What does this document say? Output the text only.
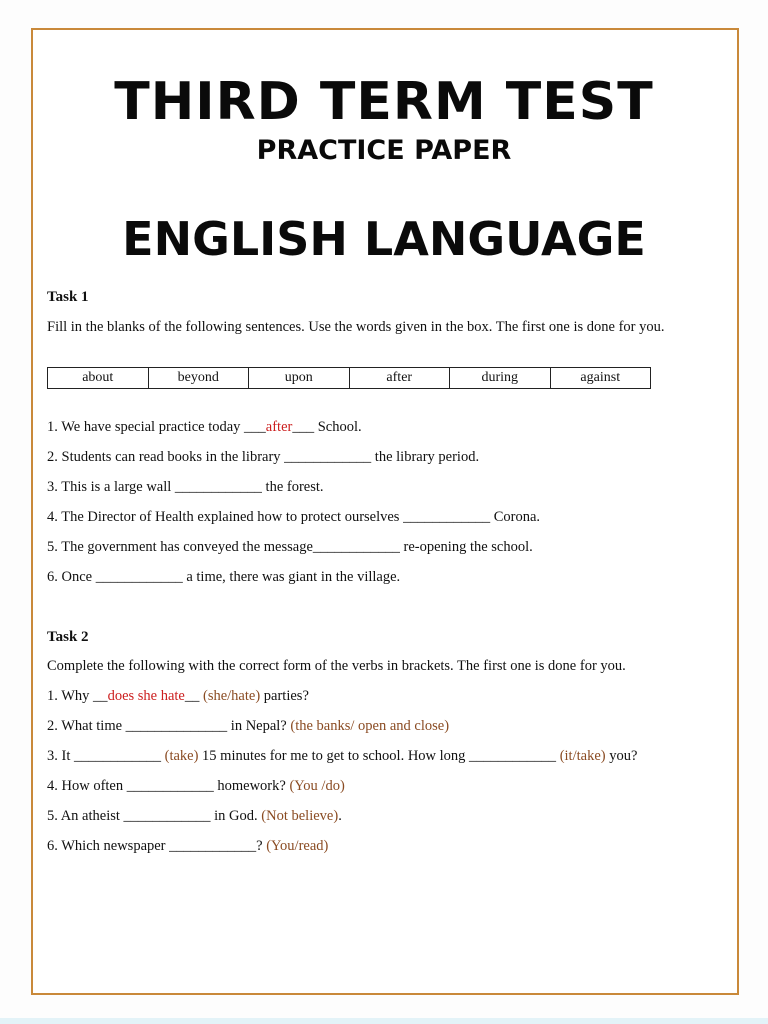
THIRD TERM TEST
PRACTICE PAPER
ENGLISH LANGUAGE

Task 1

Fill in the blanks of the following sentences. Use the words given in the box. The first one is done for you.

about	beyond	upon	after	during	against

1. We have special practice today ___after___ School.

2. Students can read books in the library ____________ the library period.

3. This is a large wall ____________ the forest.

4. The Director of Health explained how to protect ourselves ____________ Corona.

5. The government has conveyed the message____________ re-opening the school.

6. Once ____________ a time, there was giant in the village.

Task 2

Complete the following with the correct form of the verbs in brackets. The first one is done for you.

1. Why __does she hate__ (she/hate) parties?

2. What time ______________ in Nepal? (the banks/ open and close)

3. It ____________ (take) 15 minutes for me to get to school. How long ____________ (it/take) you?

4. How often ____________ homework? (You /do)

5. An atheist ____________ in God. (Not believe).

6. Which newspaper ____________? (You/read)
